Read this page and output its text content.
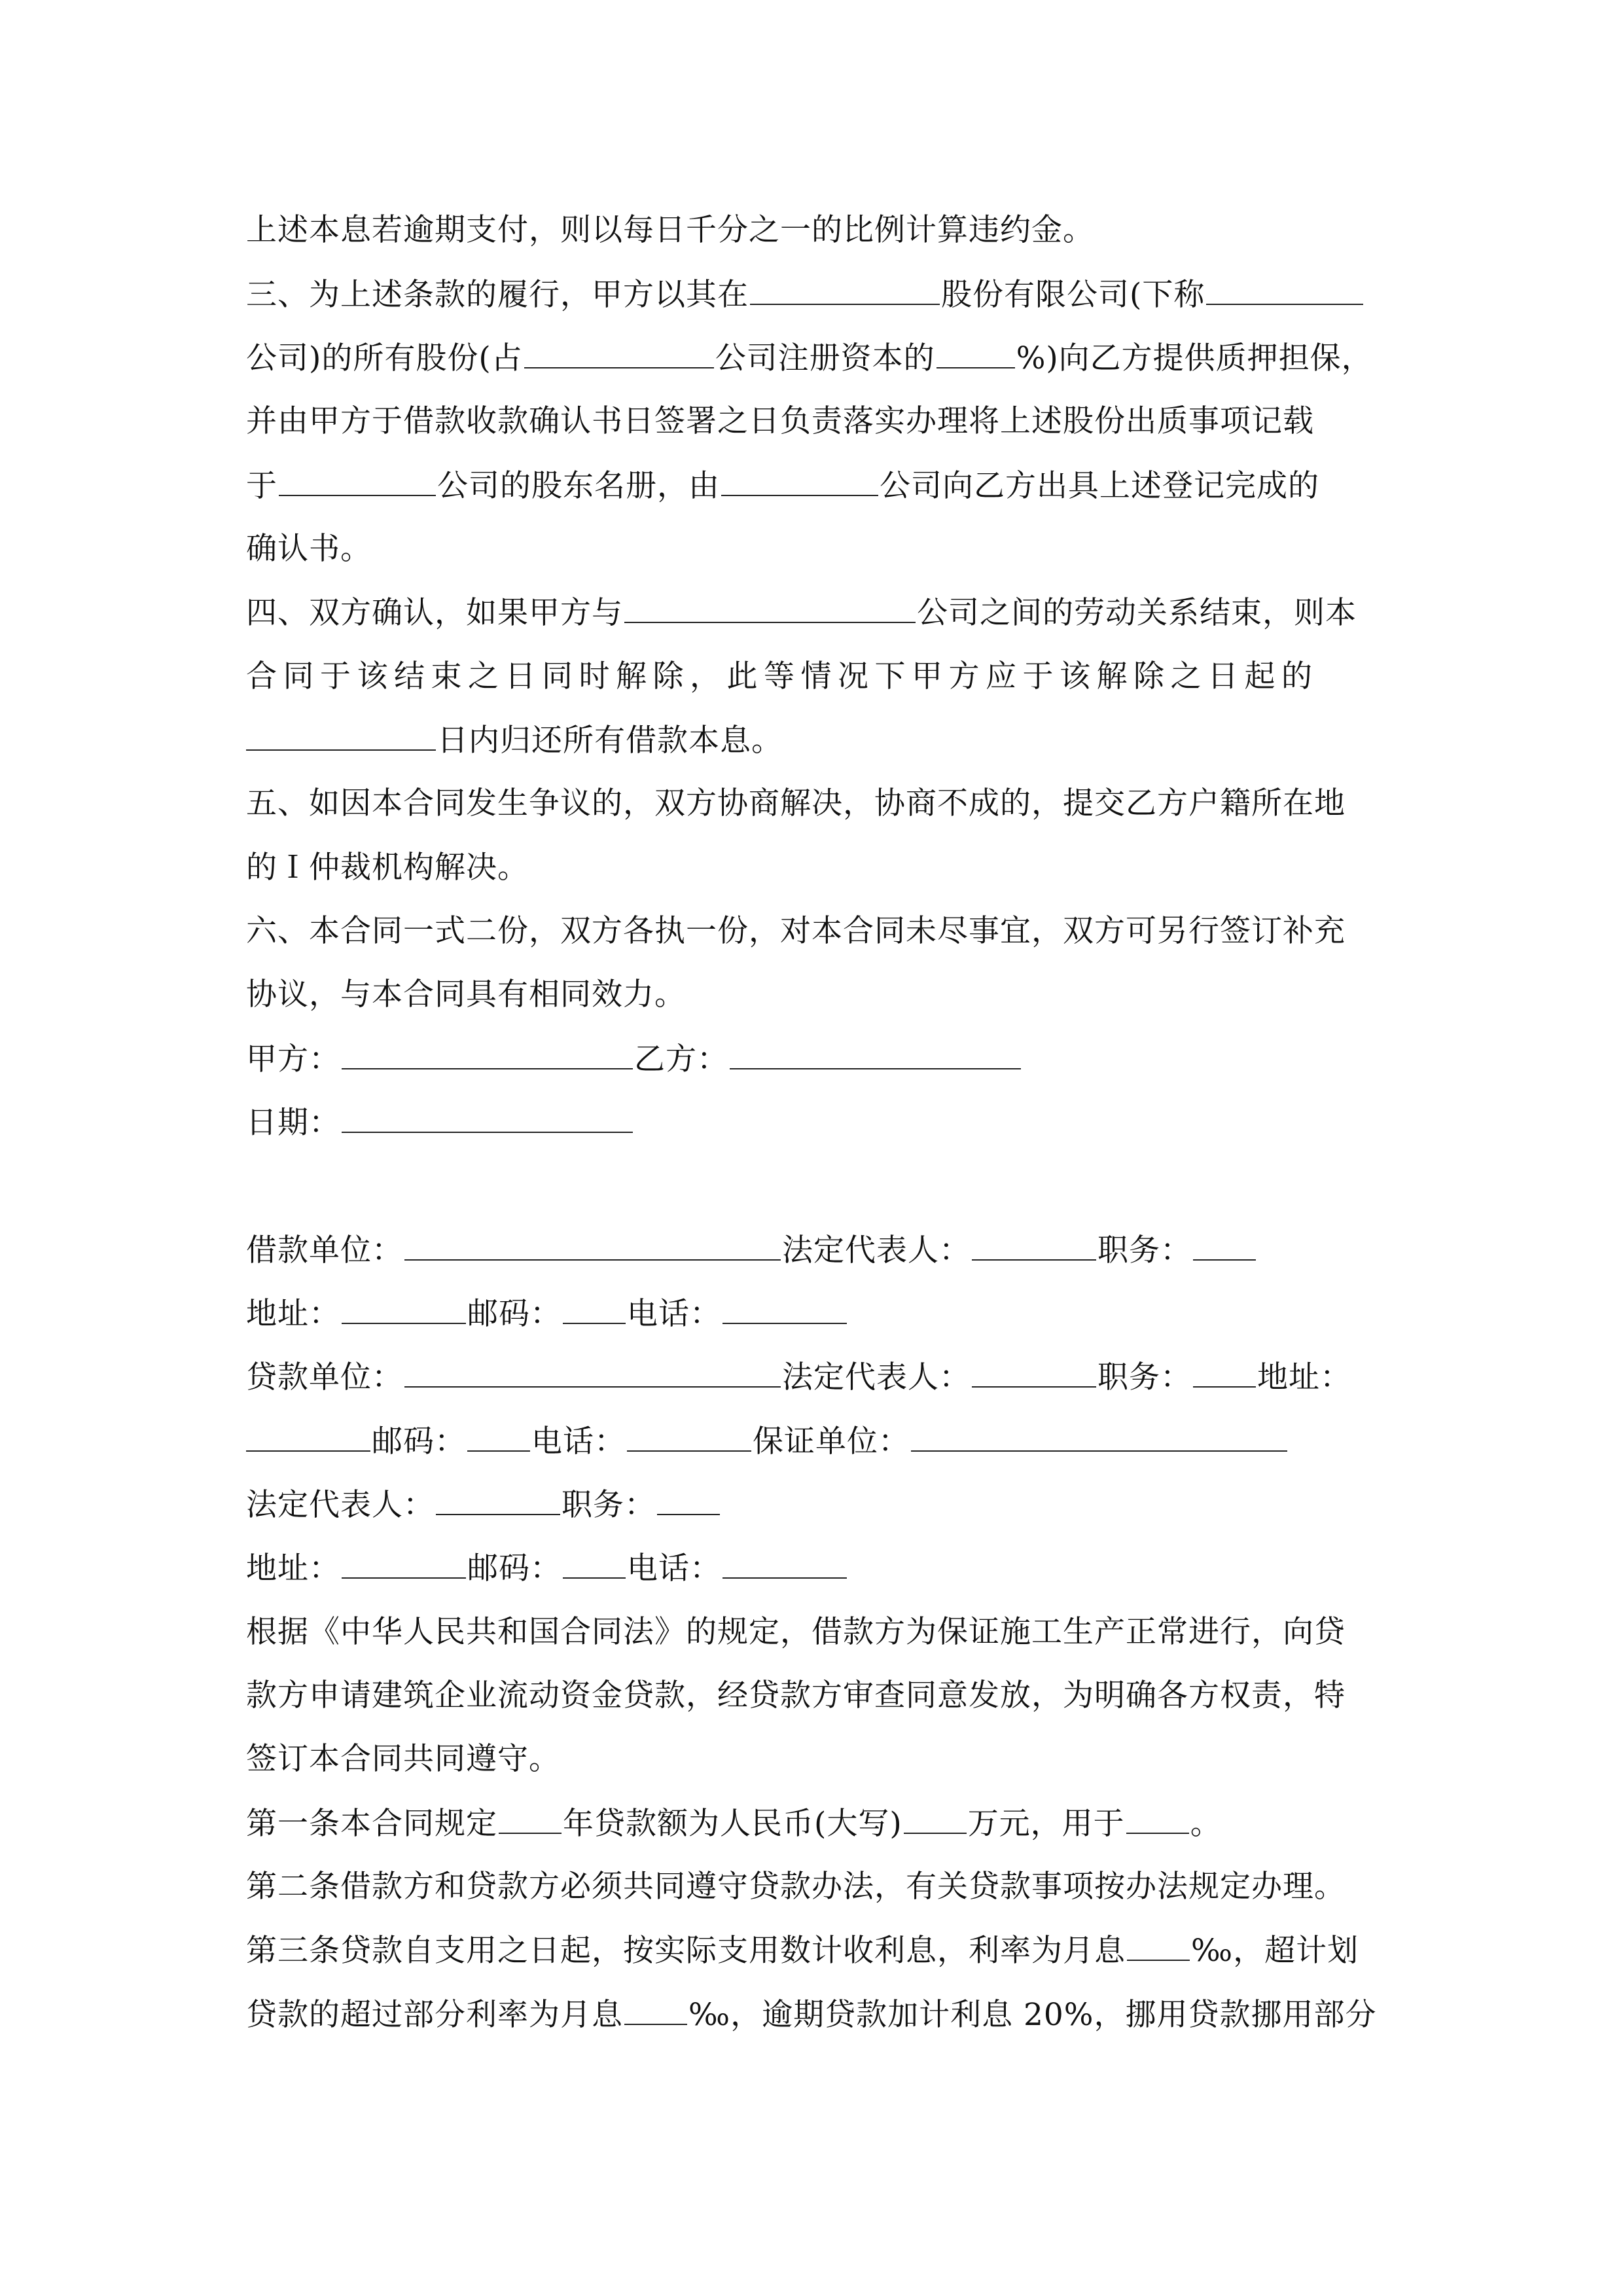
上述本息若逾期支付，则以每日千分之一的比例计算违约金。
三、为上述条款的履行，甲方以其在	股份有限公司(下称
公司)的所有股份(占	公司注册资本的	%)向乙方提供质押担保，
并由甲方于借款收款确认书日签署之日负责落实办理将上述股份出质事项记载
于	公司的股东名册，由	公司向乙方出具上述登记完成的
确认书。
四、双方确认，如果甲方与	公司之间的劳动关系结束，则本
合同于该结束之日同时解除，此等情况下甲方应于该解除之日起的
日内归还所有借款本息。
五、如因本合同发生争议的，双方协商解决，协商不成的，提交乙方户籍所在地
的Ｉ仲裁机构解决。
六、本合同一式二份，双方各执一份，对本合同未尽事宜，双方可另行签订补充
协议，与本合同具有相同效力。
甲方：	乙方：
日期：
借款单位：	法定代表人：	职务：
地址：	邮码： 电话：
贷款单位：	法定代表人：	职务： 地址：
邮码： 电话：	保证单位：
法定代表人：	职务：
地址：	邮码： 电话：
根据《中华人民共和国合同法》的规定，借款方为保证施工生产正常进行，向贷
款方申请建筑企业流动资金贷款，经贷款方审查同意发放，为明确各方权责，特
签订本合同共同遵守。
第一条本合同规定 年贷款额为人民币(大写) 万元，用于 。
第二条借款方和贷款方必须共同遵守贷款办法，有关贷款事项按办法规定办理。
第三条贷款自支用之日起，按实际支用数计收利息，利率为月息 ‰，超计划
贷款的超过部分利率为月息 ‰，逾期贷款加计利息 20%，挪用贷款挪用部分
